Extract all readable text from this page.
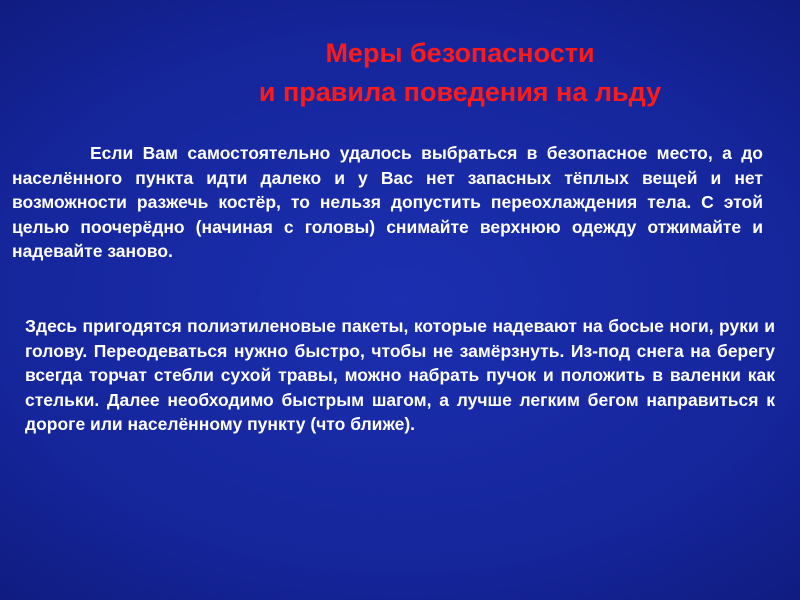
Меры безопасности
и правила поведения на льду

Если Вам самостоятельно удалось выбраться в безопасное место, а до населённого пункта идти далеко и у Вас нет запасных тёплых вещей и нет возможности разжечь костёр, то нельзя допустить переохлаждения тела. С этой целью поочерёдно (начиная с головы) снимайте верхнюю одежду отжимайте и надевайте заново.

Здесь пригодятся полиэтиленовые пакеты, которые надевают на босые ноги, руки и голову. Переодеваться нужно быстро, чтобы не замёрзнуть. Из-под снега на берегу всегда торчат стебли сухой травы, можно набрать пучок и положить в валенки как стельки. Далее необходимо быстрым шагом, а лучше легким бегом направиться к дороге или населённому пункту (что ближе).
